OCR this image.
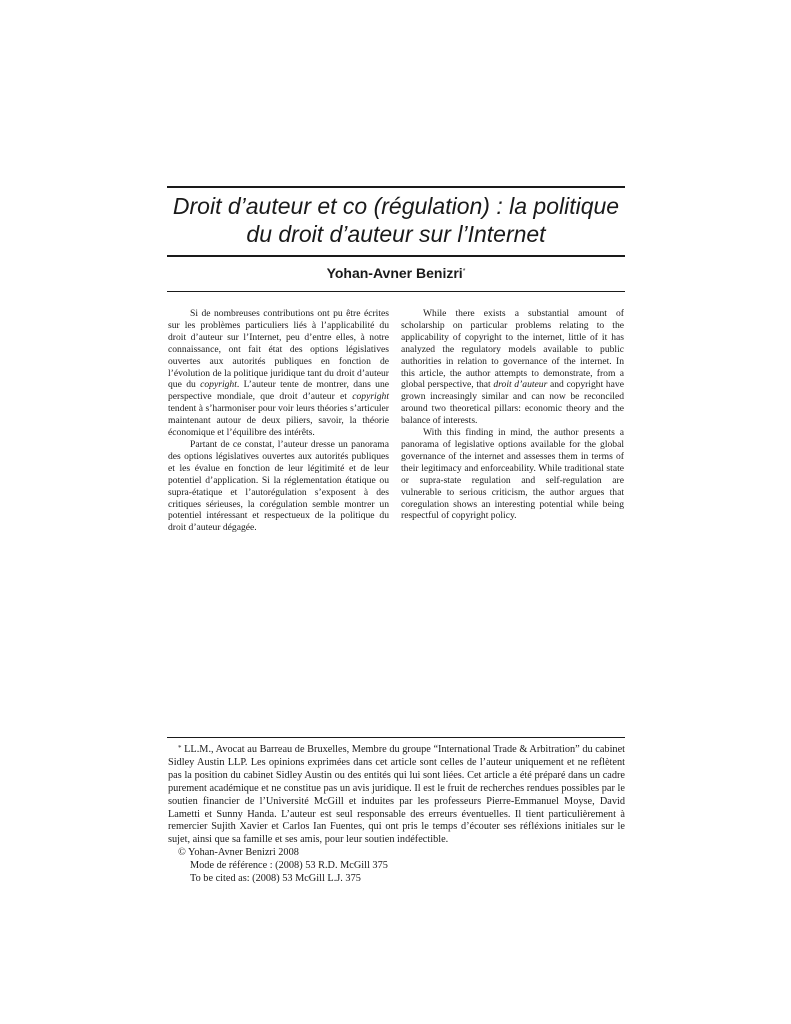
Droit d’auteur et co (régulation) : la politique
du droit d’auteur sur l’Internet
Yohan-Avner Benizri*

Si de nombreuses contributions ont pu être écrites sur les problèmes particuliers liés à l’applicabilité du droit d’auteur sur l’Internet, peu d’entre elles, à notre connaissance, ont fait état des options législatives ouvertes aux autorités publiques en fonction de l’évolution de la politique juridique tant du droit d’auteur que du copyright. L’auteur tente de montrer, dans une perspective mondiale, que droit d’auteur et copyright tendent à s’harmoniser pour voir leurs théories s’articuler maintenant autour de deux piliers, savoir, la théorie économique et l’équilibre des intérêts.

Partant de ce constat, l’auteur dresse un panorama des options législatives ouvertes aux autorités publiques et les évalue en fonction de leur légitimité et de leur potentiel d’application. Si la réglementation étatique ou supra-étatique et l’autorégulation s’exposent à des critiques sérieuses, la corégulation semble montrer un potentiel intéressant et respectueux de la politique du droit d’auteur dégagée.

While there exists a substantial amount of scholarship on particular problems relating to the applicability of copyright to the internet, little of it has analyzed the regulatory models available to public authorities in relation to governance of the internet. In this article, the author attempts to demonstrate, from a global perspective, that droit d’auteur and copyright have grown increasingly similar and can now be reconciled around two theoretical pillars: economic theory and the balance of interests.

With this finding in mind, the author presents a panorama of legislative options available for the global governance of the internet and assesses them in terms of their legitimacy and enforceability. While traditional state or supra-state regulation and self-regulation are vulnerable to serious criticism, the author argues that coregulation shows an interesting potential while being respectful of copyright policy.

* LL.M., Avocat au Barreau de Bruxelles, Membre du groupe “International Trade & Arbitration” du cabinet Sidley Austin LLP. Les opinions exprimées dans cet article sont celles de l’auteur uniquement et ne reflètent pas la position du cabinet Sidley Austin ou des entités qui lui sont liées. Cet article a été préparé dans un cadre purement académique et ne constitue pas un avis juridique. Il est le fruit de recherches rendues possibles par le soutien financier de l’Université McGill et induites par les professeurs Pierre-Emmanuel Moyse, David Lametti et Sunny Handa. L’auteur est seul responsable des erreurs éventuelles. Il tient particulièrement à remercier Sujith Xavier et Carlos Ian Fuentes, qui ont pris le temps d’écouter ses réfléxions initiales sur le sujet, ainsi que sa famille et ses amis, pour leur soutien indéfectible.

© Yohan-Avner Benizri 2008

Mode de référence : (2008) 53 R.D. McGill 375

To be cited as: (2008) 53 McGill L.J. 375
